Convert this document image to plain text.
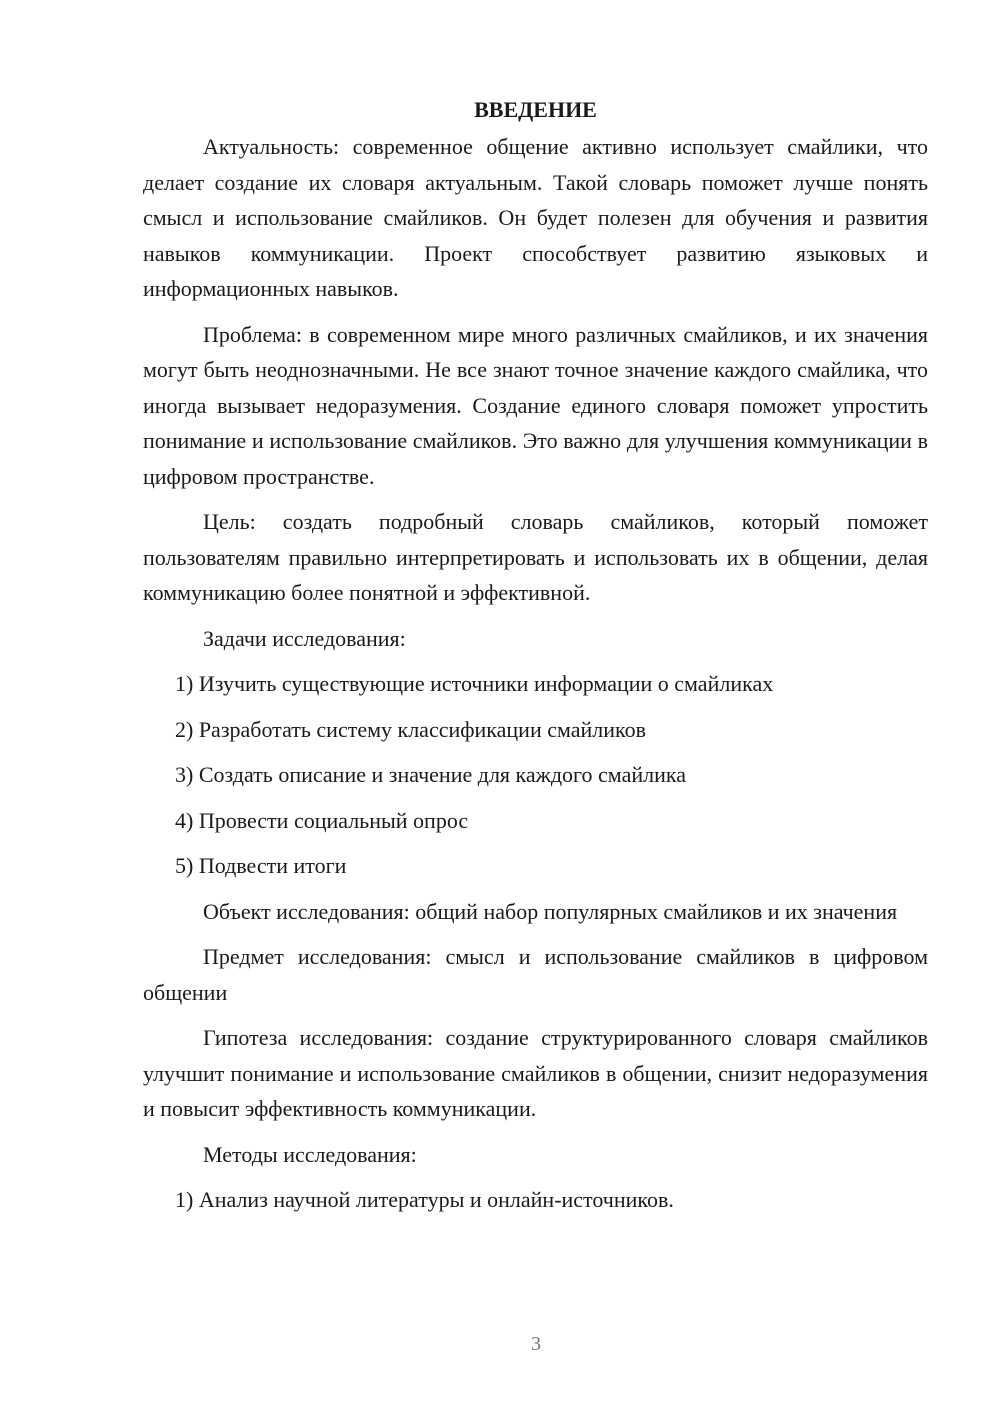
ВВЕДЕНИЕ

Актуальность: современное общение активно использует смайлики, что делает создание их словаря актуальным. Такой словарь поможет лучше понять смысл и использование смайликов. Он будет полезен для обучения и развития навыков коммуникации. Проект способствует развитию языковых и информационных навыков.

Проблема: в современном мире много различных смайликов, и их значения могут быть неоднозначными. Не все знают точное значение каждого смайлика, что иногда вызывает недоразумения. Создание единого словаря поможет упростить понимание и использование смайликов. Это важно для улучшения коммуникации в цифровом пространстве.

Цель: создать подробный словарь смайликов, который поможет пользователям правильно интерпретировать и использовать их в общении, делая коммуникацию более понятной и эффективной.

Задачи исследования:

1) Изучить существующие источники информации о смайликах
2) Разработать систему классификации смайликов
3) Создать описание и значение для каждого смайлика
4) Провести социальный опрос
5) Подвести итоги

Объект исследования: общий набор популярных смайликов и их значения

Предмет исследования: смысл и использование смайликов в цифровом общении

Гипотеза исследования: создание структурированного словаря смайликов улучшит понимание и использование смайликов в общении, снизит недоразумения и повысит эффективность коммуникации.

Методы исследования:

1) Анализ научной литературы и онлайн-источников.
3
